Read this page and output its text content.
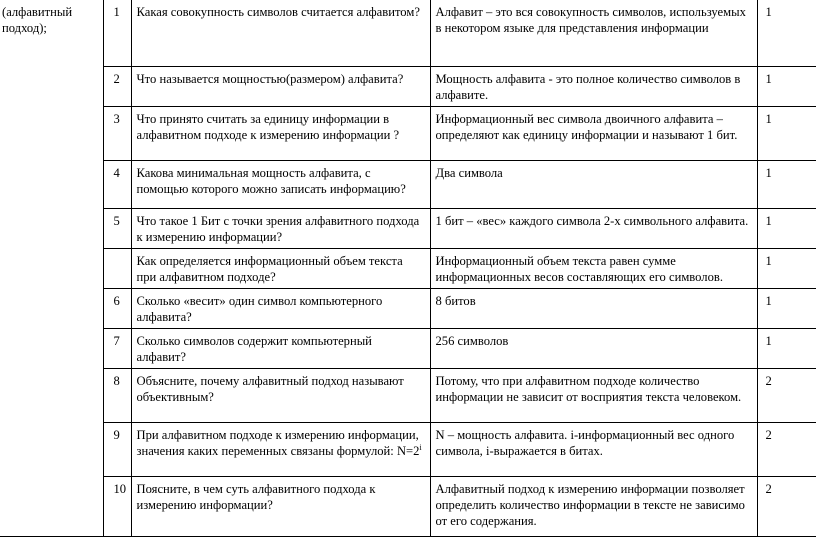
(алфавитный подход);	1	Какая совокупность символов считается алфавитом?	Алфавит – это вся совокупность символов, используемых в некотором языке для представления информации	1
	2	Что называется мощностью(размером) алфавита?	Мощность алфавита - это полное количество символов в алфавите.	1
	3	Что принято считать за единицу информации в алфавитном подходе к измерению информации ?	Информационный вес символа двоичного алфавита – определяют как единицу информации и называют 1 бит.	1
	4	Какова минимальная мощность алфавита, с помощью которого можно записать информацию?	Два символа	1
	5	Что такое 1 Бит с точки зрения алфавитного подхода к измерению информации?	1 бит – «вес» каждого символа 2-х символьного алфавита.	1
		Как определяется информационный объем текста при алфавитном подходе?	Информационный объем текста равен сумме информационных весов составляющих его символов.	1
	6	Сколько «весит» один символ компьютерного алфавита?	8 битов	1
	7	Сколько символов содержит компьютерный алфавит?	256 символов	1
	8	Объясните, почему алфавитный подход называют объективным?	Потому, что при алфавитном подходе количество информации не зависит от восприятия текста человеком.	2
	9	При алфавитном подходе к измерению информации, значения каких переменных связаны формулой: $N=2^i$	N – мощность алфавита. i-информационный вес одного символа, i-выражается в битах.	2
	10	Поясните, в чем суть алфавитного подхода к измерению информации?	Алфавитный подход к измерению информации позволяет определить количество информации в тексте не зависимо от его содержания.	2
